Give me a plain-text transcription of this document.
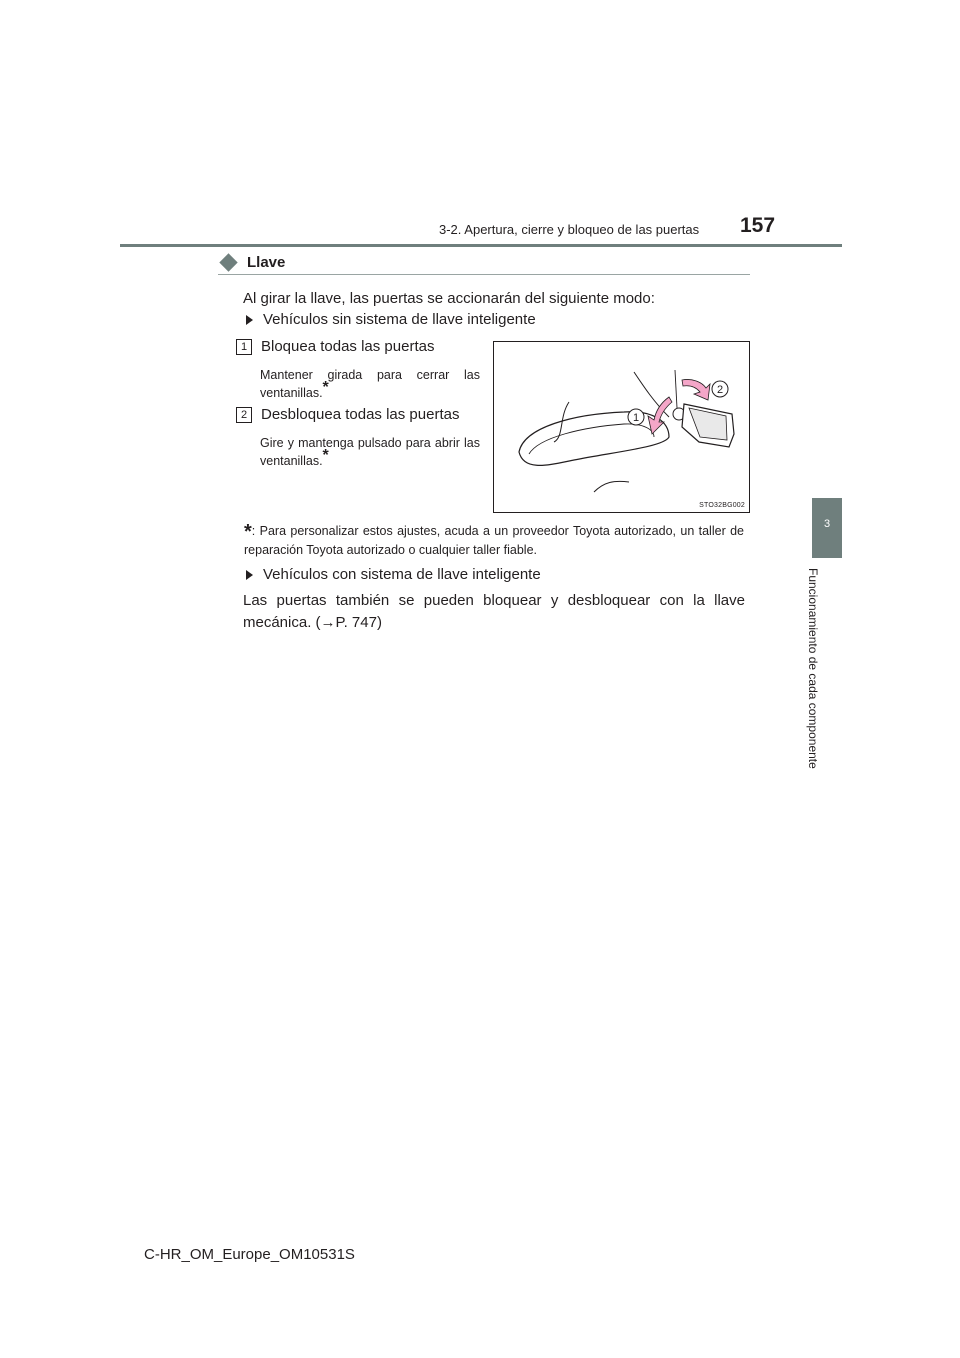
3-2. Apertura, cierre y bloqueo de las puertas 157
3
Funcionamiento de cada componente
Llave
Al girar la llave, las puertas se accionarán del siguiente modo:
Vehículos sin sistema de llave inteligente
1 Bloquea todas las puertas
Mantener girada para cerrar las ventanillas.*
2 Desbloquea todas las puertas
Gire y mantenga pulsado para abrir las ventanillas.*
1
2
STO32BG002
*: Para personalizar estos ajustes, acuda a un proveedor Toyota autorizado, un taller de reparación Toyota autorizado o cualquier taller fiable.
Vehículos con sistema de llave inteligente
Las puertas también se pueden bloquear y desbloquear con la llave mecánica. (→P. 747)
C-HR_OM_Europe_OM10531S
